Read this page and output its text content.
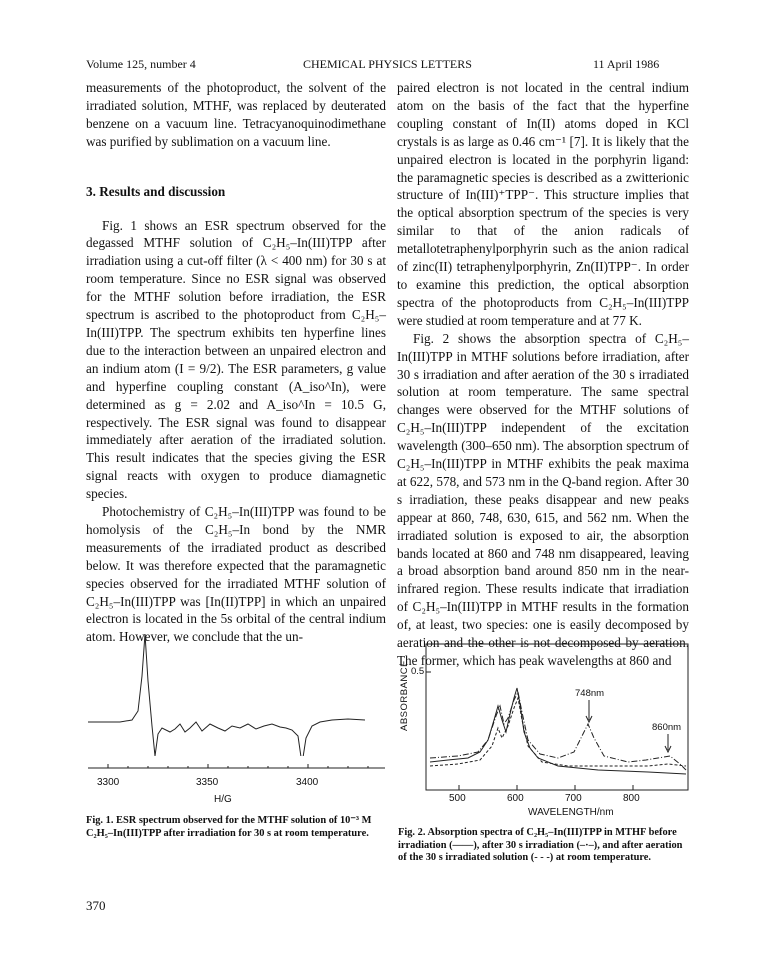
Volume 125, number 4	CHEMICAL PHYSICS LETTERS	11 April 1986

measurements of the photoproduct, the solvent of the irradiated solution, MTHF, was replaced by deuterated benzene on a vacuum line. Tetracyanoquinodimethane was purified by sublimation on a vacuum line.

3. Results and discussion

Fig. 1 shows an ESR spectrum observed for the degassed MTHF solution of C₂H₅–In(III)TPP after irradiation using a cut-off filter (λ < 400 nm) for 30 s at room temperature. Since no ESR signal was observed for the MTHF solution before irradiation, the ESR spectrum is ascribed to the photoproduct from C₂H₅–In(III)TPP. The spectrum exhibits ten hyperfine lines due to the interaction between an unpaired electron and an indium atom (I = 9/2). The ESR parameters, g value and hyperfine coupling constant (A_iso^In), were determined as g = 2.02 and A_iso^In = 10.5 G, respectively. The ESR signal was found to disappear immediately after aeration of the irradiated solution. This result indicates that the species giving the ESR signal reacts with oxygen to produce diamagnetic species.

Photochemistry of C₂H₅–In(III)TPP was found to be homolysis of the C₂H₅–In bond by the NMR measurements of the irradiated product as described below. It was therefore expected that the paramagnetic species observed for the irradiated MTHF solution of C₂H₅–In(III)TPP was [In(II)TPP] in which an unpaired electron is located in the 5s orbital of the central indium atom. However, we conclude that the un-

paired electron is not located in the central indium atom on the basis of the fact that the hyperfine coupling constant of In(II) atoms doped in KCl crystals is as large as 0.46 cm⁻¹ [7]. It is likely that the unpaired electron is located in the porphyrin ligand: the paramagnetic species is described as a zwitterionic structure of In(III)⁺TPP⁻. This structure implies that the optical absorption spectrum of the species is very similar to that of the anion radicals of metallotetraphenylporphyrin such as the anion radical of zinc(II) tetraphenylporphyrin, Zn(II)TPP⁻. In order to examine this prediction, the optical absorption spectra of the photoproducts from C₂H₅–In(III)TPP were studied at room temperature and at 77 K.

Fig. 2 shows the absorption spectra of C₂H₅–In(III)TPP in MTHF solutions before irradiation, after 30 s irradiation and after aeration of the 30 s irradiated solution at room temperature. The same spectral changes were observed for the MTHF solutions of C₂H₅–In(III)TPP independent of the excitation wavelength (300–650 nm). The absorption spectrum of C₂H₅–In(III)TPP in MTHF exhibits the peak maxima at 622, 578, and 573 nm in the Q-band region. After 30 s irradiation, these peaks disappear and new peaks appear at 860, 748, 630, 615, and 562 nm. When the irradiated solution is exposed to air, the absorption bands located at 860 and 748 nm disappeared, leaving a broad absorption band around 850 nm in the near-infrared region. These results indicate that irradiation of C₂H₅–In(III)TPP in MTHF results in the formation of, at least, two species: one is easily decomposed by aeration and the other is not decomposed by aeration. The former, which has peak wavelengths at 860 and

3300	3350	3400
H/G
Fig. 1. ESR spectrum observed for the MTHF solution of 10⁻³ M C₂H₅–In(III)TPP after irradiation for 30 s at room temperature.
748nm
860nm
ABSORBANCE 0.5
500	600	700	800
WAVELENGTH/nm
Fig. 2. Absorption spectra of C₂H₅–In(III)TPP in MTHF before irradiation (——), after 30 s irradiation (–·–), and after aeration of the 30 s irradiated solution (- - -) at room temperature.
370
